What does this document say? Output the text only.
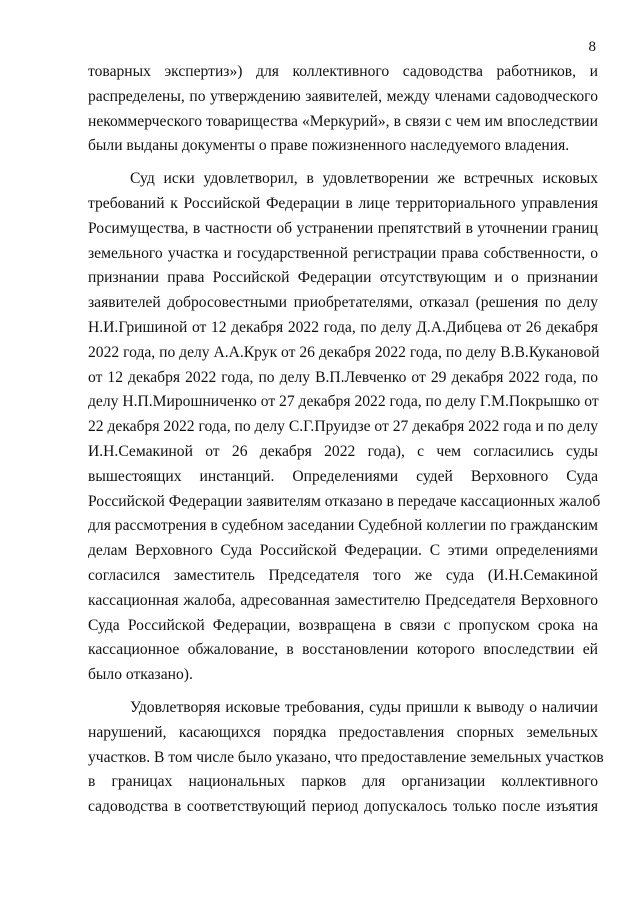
8
товарных экспертиз») для коллективного садоводства работников, и
распределены, по утверждению заявителей, между членами садоводческого
некоммерческого товарищества «Меркурий», в связи с чем им впоследствии
были выданы документы о праве пожизненного наследуемого владения.
Суд иски удовлетворил, в удовлетворении же встречных исковых
требований к Российской Федерации в лице территориального управления
Росимущества, в частности об устранении препятствий в уточнении границ
земельного участка и государственной регистрации права собственности, о
признании права Российской Федерации отсутствующим и о признании
заявителей добросовестными приобретателями, отказал (решения по делу
Н.И.Гришиной от 12 декабря 2022 года, по делу Д.А.Дибцева от 26 декабря
2022 года, по делу А.А.Крук от 26 декабря 2022 года, по делу В.В.Кукановой
от 12 декабря 2022 года, по делу В.П.Левченко от 29 декабря 2022 года, по
делу Н.П.Мирошниченко от 27 декабря 2022 года, по делу Г.М.Покрышко от
22 декабря 2022 года, по делу С.Г.Пруидзе от 27 декабря 2022 года и по делу
И.Н.Семакиной от 26 декабря 2022 года), с чем согласились суды
вышестоящих инстанций. Определениями судей Верховного Суда
Российской Федерации заявителям отказано в передаче кассационных жалоб
для рассмотрения в судебном заседании Судебной коллегии по гражданским
делам Верховного Суда Российской Федерации. С этими определениями
согласился заместитель Председателя того же суда (И.Н.Семакиной
кассационная жалоба, адресованная заместителю Председателя Верховного
Суда Российской Федерации, возвращена в связи с пропуском срока на
кассационное обжалование, в восстановлении которого впоследствии ей
было отказано).
Удовлетворяя исковые требования, суды пришли к выводу о наличии
нарушений, касающихся порядка предоставления спорных земельных
участков. В том числе было указано, что предоставление земельных участков
в границах национальных парков для организации коллективного
садоводства в соответствующий период допускалось только после изъятия
